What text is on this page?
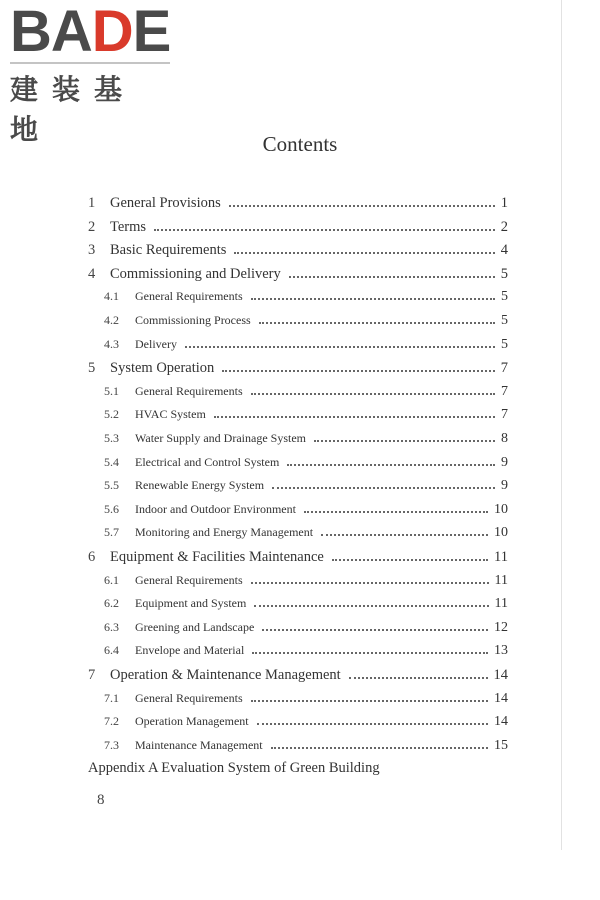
BADE
建装基地	Contents
1 General Provisions	1
2 Terms	2
3 Basic Requirements	4
4 Commissioning and Delivery	5
4.1 General Requirements	5
4.2 Commissioning Process	5
4.3 Delivery	5
5 System Operation	7
5.1 General Requirements	7
5.2 HVAC System	7
5.3 Water Supply and Drainage System	8
5.4 Electrical and Control System	9
5.5 Renewable Energy System	9
5.6 Indoor and Outdoor Environment	10
5.7 Monitoring and Energy Management	10
6 Equipment & Facilities Maintenance	11
6.1 General Requirements	11
6.2 Equipment and System	11
6.3 Greening and Landscape	12
6.4 Envelope and Material	13
7 Operation & Maintenance Management	14
7.1 General Requirements	14
7.2 Operation Management	14
7.3 Maintenance Management	15
Appendix A Evaluation System of Green Building
8
